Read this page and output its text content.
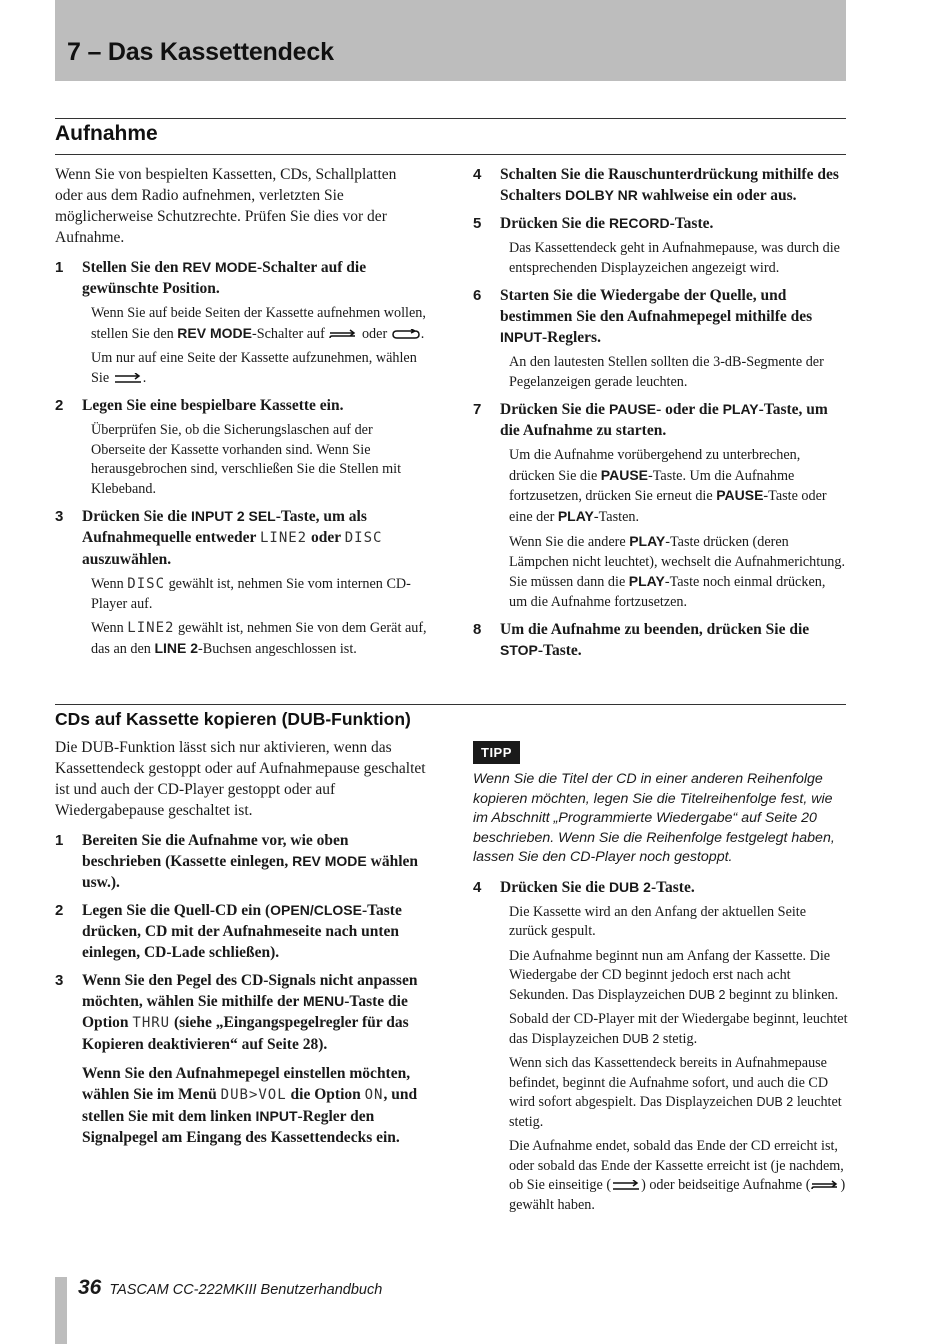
7 – Das Kassettendeck
Aufnahme

Wenn Sie von bespielten Kassetten, CDs, Schallplatten oder aus dem Radio aufnehmen, verletzten Sie möglicherweise Schutzrechte. Prüfen Sie dies vor der Aufnahme.

1	Stellen Sie den REV MODE-Schalter auf die gewünschte Position.

Wenn Sie auf beide Seiten der Kassette aufnehmen wollen, stellen Sie den REV MODE-Schalter auf  oder .

Um nur auf eine Seite der Kassette aufzunehmen, wählen Sie .

2	Legen Sie eine bespielbare Kassette ein.

Überprüfen Sie, ob die Sicherungslaschen auf der Oberseite der Kassette vorhanden sind. Wenn Sie herausgebrochen sind, verschließen Sie die Stellen mit Klebeband.

3	Drücken Sie die INPUT 2 SEL-Taste, um als Aufnahmequelle entweder LINE2 oder DISC auszuwählen.

Wenn DISC gewählt ist, nehmen Sie vom internen CD-Player auf.

Wenn LINE2 gewählt ist, nehmen Sie von dem Gerät auf, das an den LINE 2-Buchsen angeschlossen ist.

4	Schalten Sie die Rauschunterdrückung mithilfe des Schalters DOLBY NR wahlweise ein oder aus.
5	Drücken Sie die RECORD-Taste.

Das Kassettendeck geht in Aufnahmepause, was durch die entsprechenden Displayzeichen angezeigt wird.

6	Starten Sie die Wiedergabe der Quelle, und bestimmen Sie den Aufnahmepegel mithilfe des INPUT-Reglers.

An den lautesten Stellen sollten die 3-dB-Segmente der Pegelanzeigen gerade leuchten.

7	Drücken Sie die PAUSE- oder die PLAY-Taste, um die Aufnahme zu starten.

Um die Aufnahme vorübergehend zu unterbrechen, drücken Sie die PAUSE-Taste. Um die Aufnahme fortzusetzen, drücken Sie erneut die PAUSE-Taste oder eine der PLAY-Tasten.

Wenn Sie die andere PLAY-Taste drücken (deren Lämpchen nicht leuchtet), wechselt die Aufnahmerichtung. Sie müssen dann die PLAY-Taste noch einmal drücken, um die Aufnahme fortzusetzen.

8	Um die Aufnahme zu beenden, drücken Sie die STOP-Taste.
CDs auf Kassette kopieren (DUB-Funktion)

Die DUB-Funktion lässt sich nur aktivieren, wenn das Kassettendeck gestoppt oder auf Aufnahmepause geschaltet ist und auch der CD-Player gestoppt oder auf Wiedergabepause geschaltet ist.

1	Bereiten Sie die Aufnahme vor, wie oben beschrieben (Kassette einlegen, REV MODE wählen usw.).
2	Legen Sie die Quell-CD ein (OPEN/CLOSE-Taste drücken, CD mit der Aufnahmeseite nach unten einlegen, CD-Lade schließen).
3	Wenn Sie den Pegel des CD-Signals nicht anpassen möchten, wählen Sie mithilfe der MENU-Taste die Option THRU (siehe „Eingangspegelregler für das Kopieren deaktivieren“ auf Seite 28).

Wenn Sie den Aufnahmepegel einstellen möchten, wählen Sie im Menü DUB>VOL die Option ON, und stellen Sie mit dem linken INPUT-Regler den Signalpegel am Eingang des Kassettendecks ein.

TIPP

Wenn Sie die Titel der CD in einer anderen Reihenfolge kopieren möchten, legen Sie die Titelreihenfolge fest, wie im Abschnitt „Programmierte Wiedergabe“ auf Seite 20 beschrieben. Wenn Sie die Reihenfolge festgelegt haben, lassen Sie den CD-Player noch gestoppt.

4	Drücken Sie die DUB 2-Taste.

Die Kassette wird an den Anfang der aktuellen Seite zurück gespult.

Die Aufnahme beginnt nun am Anfang der Kassette. Die Wiedergabe der CD beginnt jedoch erst nach acht Sekunden. Das Displayzeichen DUB 2 beginnt zu blinken.

Sobald der CD-Player mit der Wiedergabe beginnt, leuchtet das Displayzeichen DUB 2 stetig.

Wenn sich das Kassettendeck bereits in Aufnahmepause befindet, beginnt die Aufnahme sofort, und auch die CD wird sofort abgespielt. Das Displayzeichen DUB 2 leuchtet stetig.

Die Aufnahme endet, sobald das Ende der CD erreicht ist, oder sobald das Ende der Kassette erreicht ist (je nachdem, ob Sie einseitige ( ) oder beidseitige Aufnahme ( ) gewählt haben.

36 TASCAM CC-222MKIII Benutzerhandbuch
